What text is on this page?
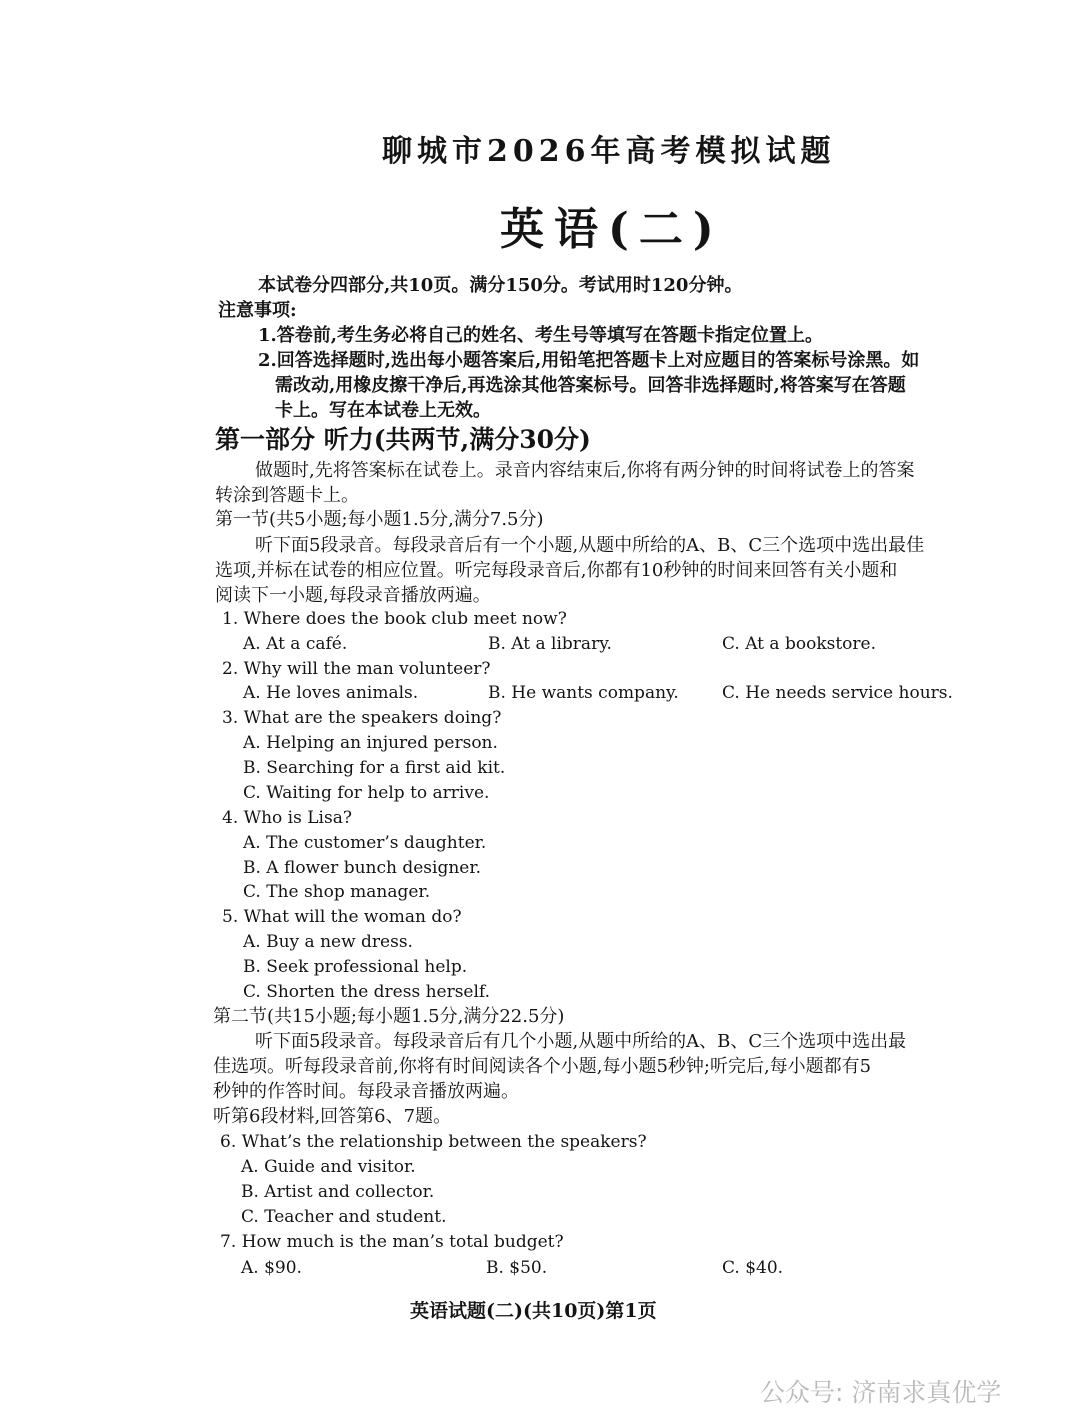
聊城市2026年高考模拟试题
英语(二)
本试卷分四部分,共10页。满分150分。考试用时120分钟。
注意事项:
1.答卷前,考生务必将自己的姓名、考生号等填写在答题卡指定位置上。
2.回答选择题时,选出每小题答案后,用铅笔把答题卡上对应题目的答案标号涂黑。如
需改动,用橡皮擦干净后,再选涂其他答案标号。回答非选择题时,将答案写在答题
卡上。写在本试卷上无效。
第一部分 听力(共两节,满分30分)
做题时,先将答案标在试卷上。录音内容结束后,你将有两分钟的时间将试卷上的答案
转涂到答题卡上。
第一节(共5小题;每小题1.5分,满分7.5分)
听下面5段录音。每段录音后有一个小题,从题中所给的A、B、C三个选项中选出最佳
选项,并标在试卷的相应位置。听完每段录音后,你都有10秒钟的时间来回答有关小题和
阅读下一小题,每段录音播放两遍。
1. Where does the book club meet now?
A. At a café.	B. At a library.	C. At a bookstore.
2. Why will the man volunteer?
A. He loves animals.	B. He wants company.	C. He needs service hours.
3. What are the speakers doing?
A. Helping an injured person.
B. Searching for a first aid kit.
C. Waiting for help to arrive.
4. Who is Lisa?
A. The customer’s daughter.
B. A flower bunch designer.
C. The shop manager.
5. What will the woman do?
A. Buy a new dress.
B. Seek professional help.
C. Shorten the dress herself.
第二节(共15小题;每小题1.5分,满分22.5分)
听下面5段录音。每段录音后有几个小题,从题中所给的A、B、C三个选项中选出最
佳选项。听每段录音前,你将有时间阅读各个小题,每小题5秒钟;听完后,每小题都有5
秒钟的作答时间。每段录音播放两遍。
听第6段材料,回答第6、7题。
6. What’s the relationship between the speakers?
A. Guide and visitor.
B. Artist and collector.
C. Teacher and student.
7. How much is the man’s total budget?
A. $90.	B. $50.	C. $40.
英语试题(二)(共10页)第1页
公众号: 济南求真优学
